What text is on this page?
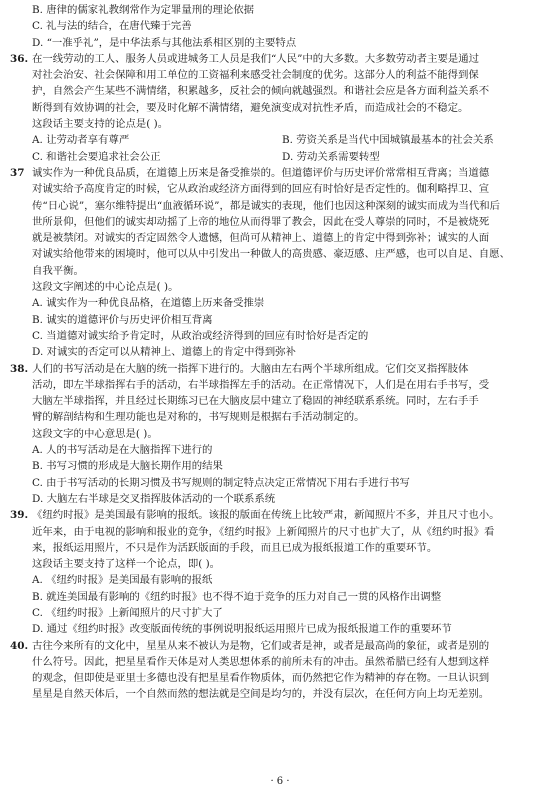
B. 唐律的儒家礼教纲常作为定罪量刑的理论依据
C. 礼与法的结合，在唐代臻于完善
D. “一准乎礼”，是中华法系与其他法系相区别的主要特点
36. 在一线劳动的工人、服务人员或进城务工人员是我们“人民”中的大多数。大多数劳动者主要是通过
对社会治安、社会保障和用工单位的工资福利来感受社会制度的优劣。这部分人的利益不能得到保
护，自然会产生某些不满情绪，积累越多，反社会的倾向就越强烈。和谐社会应是各方面利益关系不
断得到有效协调的社会，要及时化解不满情绪，避免演变成对抗性矛盾，而造成社会的不稳定。
这段话主要支持的论点是( )。
A. 让劳动者享有尊严	B. 劳资关系是当代中国城镇最基本的社会关系
C. 和谐社会要追求社会公正	D. 劳动关系需要转型
37 诚实作为一种优良品质，在道德上历来是备受推崇的。但道德评价与历史评价常常相互背离；当道德
对诚实给予高度肯定的时候，它从政治或经济方面得到的回应有时恰好是否定性的。伽利略捍卫、宣
传“日心说”，塞尔维特提出“血液循环说”，都是诚实的表现，他们也因这种深刻的诚实而成为当代和后
世所景仰，但他们的诚实却动摇了上帝的地位从而得罪了教会，因此在受人尊崇的同时，不是被烧死
就是被禁闭。对诚实的否定固然令人遗憾，但尚可从精神上、道德上的肯定中得到弥补；诚实的人面
对诚实给他带来的困境时，他可以从中引发出一种做人的高贵感、豪迈感、庄严感，也可以自足、自愿、
自我平衡。
这段文字阐述的中心论点是( )。
A. 诚实作为一种优良品格，在道德上历来备受推崇
B. 诚实的道德评价与历史评价相互背离
C. 当道德对诚实给予肯定时，从政治或经济得到的回应有时恰好是否定的
D. 对诚实的否定可以从精神上、道德上的肯定中得到弥补
38. 人们的书写活动是在大脑的统一指挥下进行的。大脑由左右两个半球所组成。它们交叉指挥肢体
活动，即左半球指挥右手的活动，右半球指挥左手的活动。在正常情况下，人们是在用右手书写，受
大脑左半球指挥，并且经过长期练习已在大脑皮层中建立了稳固的神经联系系统。同时，左右手手
臂的解剖结构和生理功能也是对称的，书写规则是根据右手活动制定的。
这段文字的中心意思是( )。
A. 人的书写活动是在大脑指挥下进行的
B. 书写习惯的形成是大脑长期作用的结果
C. 由于书写活动的长期习惯及书写规则的制定特点决定正常情况下用右手进行书写
D. 大脑左右半球是交叉指挥肢体活动的一个联系系统
39. 《纽约时报》是美国最有影响的报纸。该报的版面在传统上比较严肃，新闻照片不多，并且尺寸也小。
近年来，由于电视的影响和报业的竞争，《纽约时报》上新闻照片的尺寸也扩大了，从《纽约时报》看
来，报纸运用照片，不只是作为活跃版面的手段，而且已成为报纸报道工作的重要环节。
这段话主要支持了这样一个论点，即( )。
A. 《纽约时报》是美国最有影响的报纸
B. 就连美国最有影响的《纽约时报》也不得不迫于竞争的压力对自己一贯的风格作出调整
C. 《纽约时报》上新闻照片的尺寸扩大了
D. 通过《纽约时报》改变版面传统的事例说明报纸运用照片已成为报纸报道工作的重要环节
40. 古往今来所有的文化中，星星从来不被认为是物，它们或者是神，或者是最高尚的象征，或者是别的
什么符号。因此，把星星看作天体是对人类思想体系的前所未有的冲击。虽然希腊已经有人想到这样
的观念，但即使是亚里士多德也没有把星星看作物质体，而仍然把它作为精神的存在物。一旦认识到
星星是自然天体后，一个自然而然的想法就是空间是均匀的，并没有层次，在任何方向上均无差别。
· 6 ·
